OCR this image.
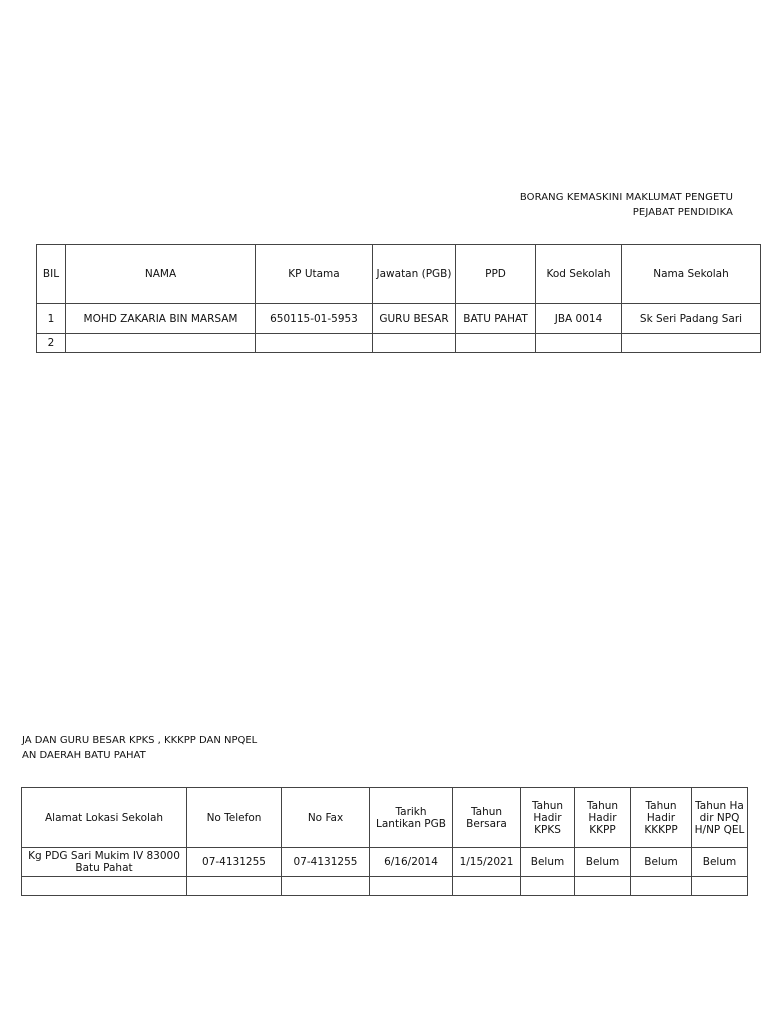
BORANG KEMASKINI MAKLUMAT PENGETU
PEJABAT PENDIDIKA
BIL	NAMA	KP Utama	Jawatan (PGB)	PPD	Kod Sekolah	Nama Sekolah
1	MOHD ZAKARIA BIN MARSAM	650115-01-5953	GURU BESAR	BATU PAHAT	JBA 0014	Sk Seri Padang Sari
2						
JA DAN GURU BESAR KPKS , KKKPP DAN NPQEL
AN DAERAH BATU PAHAT
Alamat Lokasi Sekolah	No Telefon	No Fax	Tarikh Lantikan PGB	Tahun Bersara	Tahun Hadir KPKS	Tahun Hadir KKPP	Tahun Hadir KKKPP	Tahun Hadir NPQH/NP QEL
Kg PDG Sari Mukim IV 83000 Batu Pahat	07-4131255	07-4131255	6/16/2014	1/15/2021	Belum	Belum	Belum	Belum
